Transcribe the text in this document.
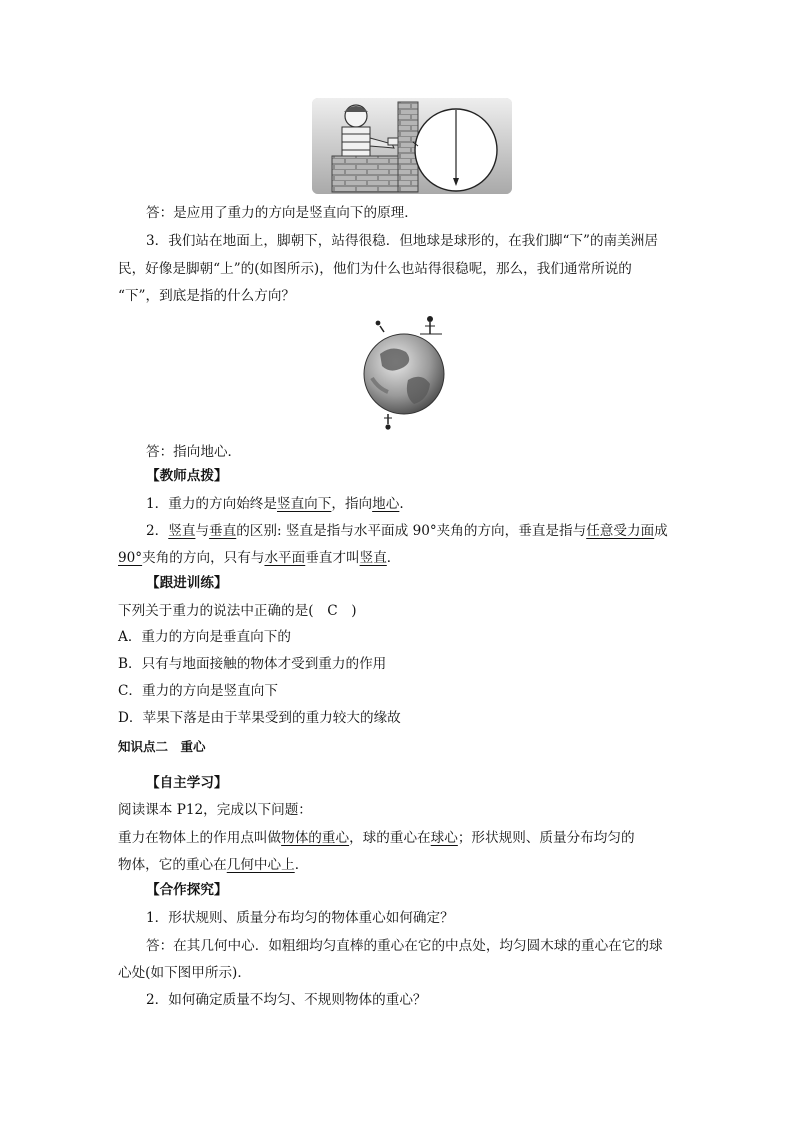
答：是应用了重力的方向是竖直向下的原理．
3．我们站在地面上，脚朝下，站得很稳．但地球是球形的，在我们脚“下”的南美洲居
民，好像是脚朝“上”的(如图所示)，他们为什么也站得很稳呢，那么，我们通常所说的
“下”，到底是指的什么方向？
答：指向地心．
【教师点拨】
1．重力的方向始终是竖直向下，指向地心.
2．竖直与垂直的区别: 竖直是指与水平面成 90°夹角的方向，垂直是指与任意受力面成
90°夹角的方向，只有与水平面垂直才叫竖直．
【跟进训练】
下列关于重力的说法中正确的是(　C　)
A．重力的方向是垂直向下的
B．只有与地面接触的物体才受到重力的作用
C．重力的方向是竖直向下
D．苹果下落是由于苹果受到的重力较大的缘故
知识点二　重心
【自主学习】
阅读课本 P12，完成以下问题：
重力在物体上的作用点叫做物体的重心，球的重心在球心；形状规则、质量分布均匀的
物体，它的重心在几何中心上．
【合作探究】
1．形状规则、质量分布均匀的物体重心如何确定？
答：在其几何中心．如粗细均匀直棒的重心在它的中点处，均匀圆木球的重心在它的球
心处(如下图甲所示)．
2．如何确定质量不均匀、不规则物体的重心？
